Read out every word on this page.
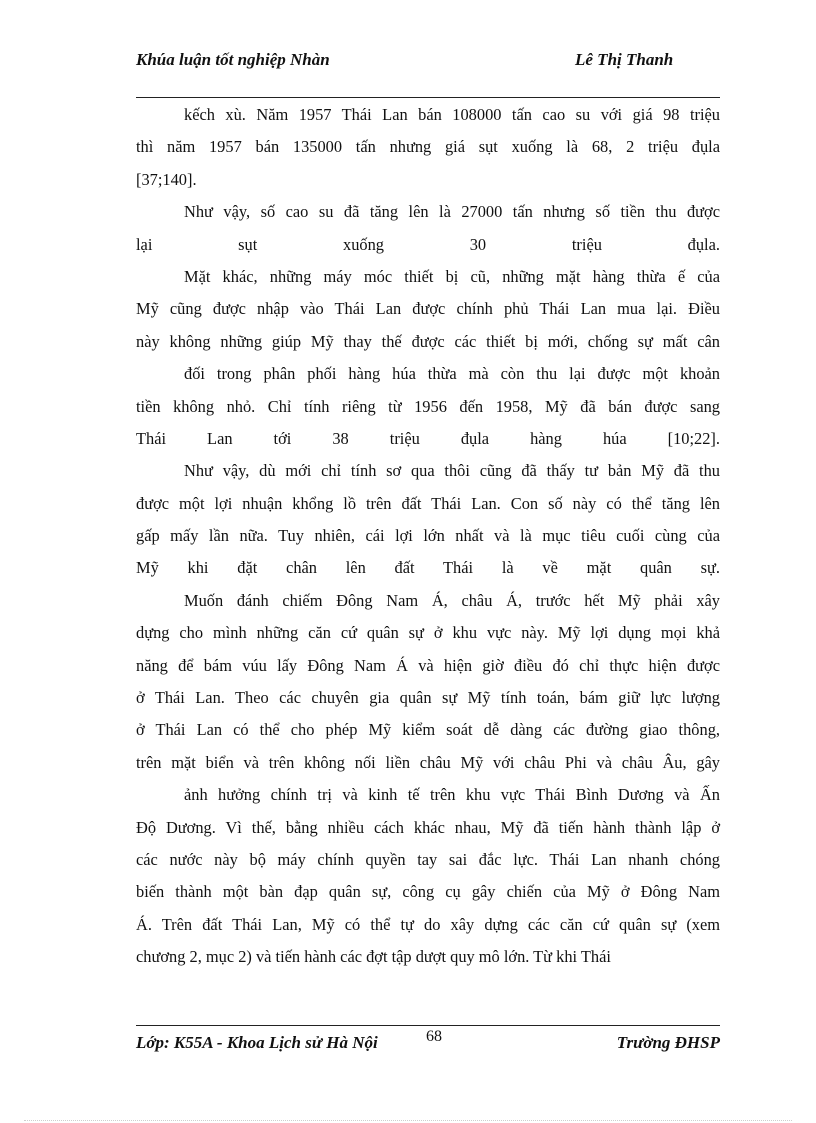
Khúa luận tốt nghiệp Nhàn	Lê Thị Thanh
kếch xù. Năm 1957 Thái Lan bán 108000 tấn cao su với giá 98 triệu
thì năm 1957 bán 135000 tấn nhưng giá sụt xuống là 68, 2 triệu đụla
[37;140].
Như vậy, số cao su đã tăng lên là 27000 tấn nhưng số tiền thu được
lại sụt xuống 30 triệu đụla.
Mặt khác, những máy móc thiết bị cũ, những mặt hàng thừa ế của
Mỹ cũng được nhập vào Thái Lan được chính phủ Thái Lan mua lại. Điều
này không những giúp Mỹ thay thế được các thiết bị mới, chống sự mất cân
đối trong phân phối hàng húa thừa mà còn thu lại được một khoản
tiền không nhỏ. Chỉ tính riêng từ 1956 đến 1958, Mỹ đã bán được sang
Thái Lan tới 38 triệu đụla hàng húa [10;22].
Như vậy, dù mới chỉ tính sơ qua thôi cũng đã thấy tư bản Mỹ đã thu
được một lợi nhuận khổng lồ trên đất Thái Lan. Con số này có thể tăng lên
gấp mấy lần nữa. Tuy nhiên, cái lợi lớn nhất và là mục tiêu cuối cùng của
Mỹ khi đặt chân lên đất Thái là về mặt quân sự.
Muốn đánh chiếm Đông Nam Á, châu Á, trước hết Mỹ phải xây
dựng cho mình những căn cứ quân sự ở khu vực này. Mỹ lợi dụng mọi khả
năng để bám vúu lấy Đông Nam Á và hiện giờ điều đó chỉ thực hiện được
ở Thái Lan. Theo các chuyên gia quân sự Mỹ tính toán, bám giữ lực lượng
ở Thái Lan có thể cho phép Mỹ kiểm soát dễ dàng các đường giao thông,
trên mặt biển và trên không nối liền châu Mỹ với châu Phi và châu Âu, gây
ảnh hưởng chính trị và kinh tế trên khu vực Thái Bình Dương và Ấn
Độ Dương. Vì thế, bằng nhiều cách khác nhau, Mỹ đã tiến hành thành lập ở
các nước này bộ máy chính quyền tay sai đắc lực. Thái Lan nhanh chóng
biến thành một bàn đạp quân sự, công cụ gây chiến của Mỹ ở Đông Nam
Á. Trên đất Thái Lan, Mỹ có thể tự do xây dựng các căn cứ quân sự (xem
chương 2, mục 2) và tiến hành các đợt tập dượt quy mô lớn. Từ khi Thái
Lớp: K55A - Khoa Lịch sử Hà Nội	68	Trường ĐHSP
